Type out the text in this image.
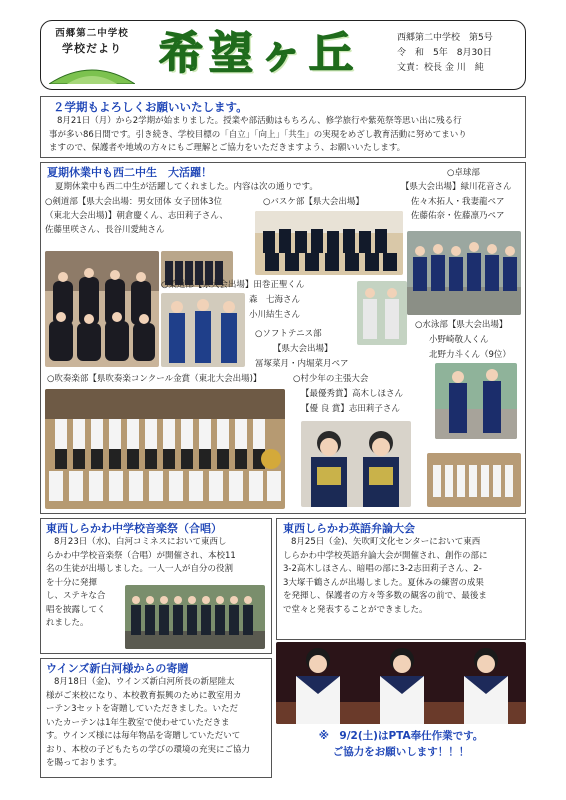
西郷第二中学校
学校だより 希望ヶ丘	西郷第二中学校　第5号
令　和　5年　8月30日
文責：校長 金 川　純
２学期もよろしくお願いいたします。
8月21日（月）から2学期が始まりました。授業や部活動はもちろん、修学旅行や紫苑祭等思い出に残る行
事が多い86日間です。引き続き、学校目標の「自立」「向上」「共生」の実現をめざし教育活動に努めてまいり
ますので、保護者や地域の方々にもご理解とご協力をいただきますよう、お願いいたします。
夏期休業中も西二中生　大活躍！
夏期休業中も西二中生が活躍してくれました。内容は次の通りです。
○剣道部【県大会出場：男女団体 女子団体3位
（東北大会出場)】朝倉慶くん、志田莉子さん、
佐藤里咲さん、長谷川愛純さん
○バスケ部【県大会出場】
○卓球部
【県大会出場】緑川花音さん
佐々木拓人・我妻龍ペア
佐藤佑奈・佐藤凛乃ペア
○柔道部【県大会出場】田巻正聖くん
森　七海さん
小川結生さん
○ソフトテニス部
【県大会出場】
冨塚菜月・内堀菜月ペア
○水泳部【県大会出場】
小野崎敬人くん
北野力斗くん（9位）
○吹奏楽部【県吹奏楽コンクール金賞（東北大会出場)】	○村少年の主張大会
【最優秀賞】高木しほさん
【優 良 賞】志田莉子さん
東西しらかわ中学校音楽祭（合唱）
8月23日（水)、白河コミネスにおいて東西し
らかわ中学校音楽祭（合唱）が開催され、本校11
名の生徒が出場しました。一人一人が自分の役割
を十分に発揮
し、ステキな合
唱を披露してく
れました。
東西しらかわ英語弁論大会
8月25日（金)、矢吹町文化センターにおいて東西
しらかわ中学校英語弁論大会が開催され、創作の部に
3-2高木しほさん、暗唱の部に3-2志田莉子さん、2-
3大塚千鶴さんが出場しました。夏休みの練習の成果
を発揮し、保護者の方々等多数の観客の前で、最後ま
で堂々と発表することができました。
ウインズ新白河様からの寄贈
8月18日（金)、ウインズ新白河所長の新屋陸太
様がご来校になり、本校教育振興のために教室用カ
ーテン3セットを寄贈していただきました。いただ
いたカーテンは1年生教室で使わせていただきま
す。ウインズ様には毎年物品を寄贈していただいて
おり、本校の子どもたちの学びの環境の充実にご協力
を賜っております。
※　9/2(土)はPTA奉仕作業です。
ご協力をお願いします！！！
